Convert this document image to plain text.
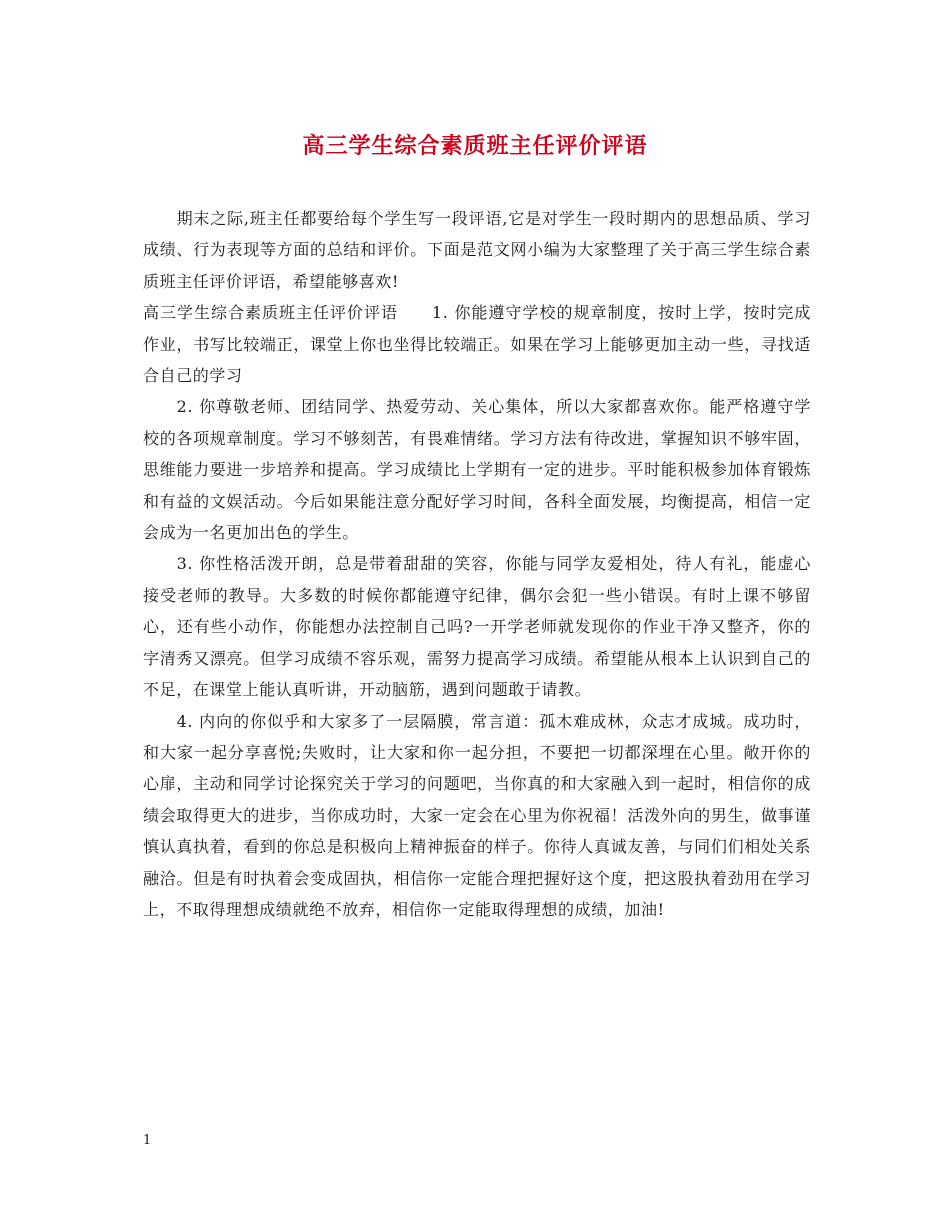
高三学生综合素质班主任评价评语

期末之际,班主任都要给每个学生写一段评语,它是对学生一段时期内的思想品质、学习成绩、行为表现等方面的总结和评价。下面是范文网小编为大家整理了关于高三学生综合素质班主任评价评语，希望能够喜欢!

高三学生综合素质班主任评价评语　　1. 你能遵守学校的规章制度，按时上学，按时完成作业，书写比较端正，课堂上你也坐得比较端正。如果在学习上能够更加主动一些，寻找适合自己的学习

2. 你尊敬老师、团结同学、热爱劳动、关心集体，所以大家都喜欢你。能严格遵守学校的各项规章制度。学习不够刻苦，有畏难情绪。学习方法有待改进，掌握知识不够牢固，思维能力要进一步培养和提高。学习成绩比上学期有一定的进步。平时能积极参加体育锻炼和有益的文娱活动。今后如果能注意分配好学习时间，各科全面发展，均衡提高，相信一定会成为一名更加出色的学生。

3. 你性格活泼开朗，总是带着甜甜的笑容，你能与同学友爱相处，待人有礼，能虚心接受老师的教导。大多数的时候你都能遵守纪律，偶尔会犯一些小错误。有时上课不够留心，还有些小动作，你能想办法控制自己吗?一开学老师就发现你的作业干净又整齐，你的字清秀又漂亮。但学习成绩不容乐观，需努力提高学习成绩。希望能从根本上认识到自己的不足，在课堂上能认真听讲，开动脑筋，遇到问题敢于请教。

4. 内向的你似乎和大家多了一层隔膜，常言道：孤木难成林，众志才成城。成功时，和大家一起分享喜悦;失败时，让大家和你一起分担，不要把一切都深埋在心里。敞开你的心扉，主动和同学讨论探究关于学习的问题吧，当你真的和大家融入到一起时，相信你的成绩会取得更大的进步，当你成功时，大家一定会在心里为你祝福！活泼外向的男生，做事谨慎认真执着，看到的你总是积极向上精神振奋的样子。你待人真诚友善，与同们们相处关系融洽。但是有时执着会变成固执，相信你一定能合理把握好这个度，把这股执着劲用在学习上，不取得理想成绩就绝不放弃，相信你一定能取得理想的成绩，加油!

1
